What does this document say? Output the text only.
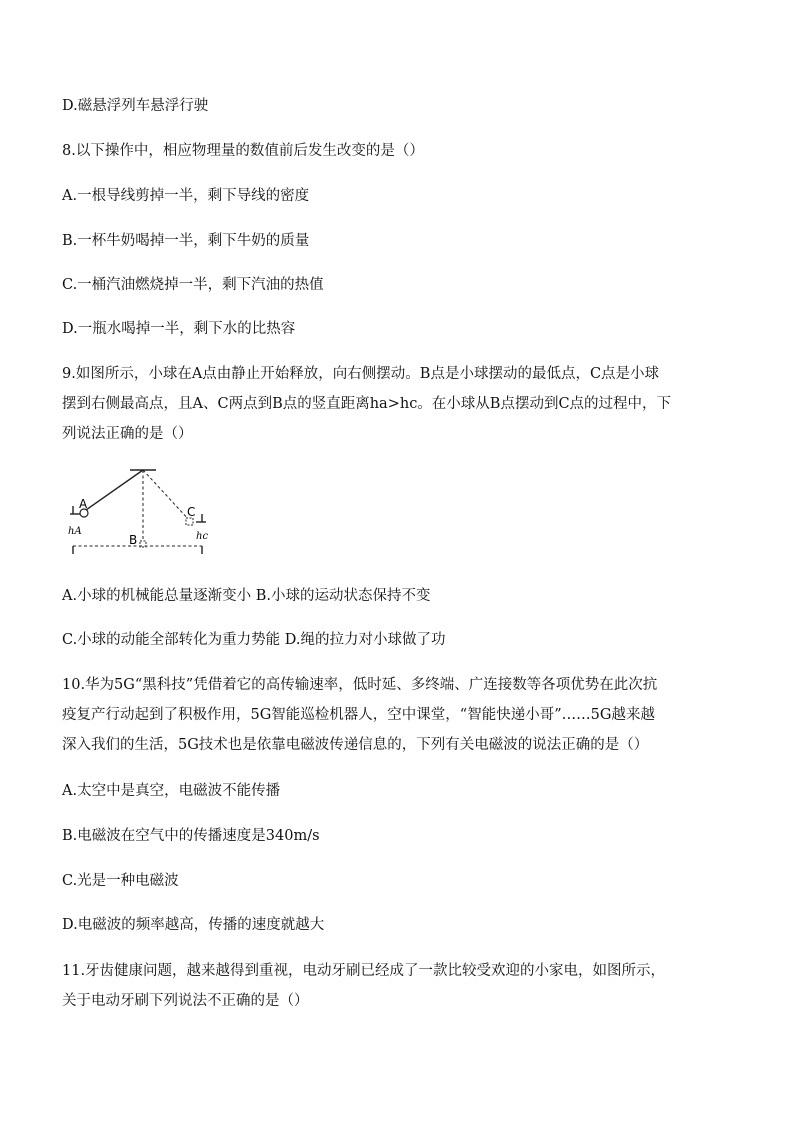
D.磁悬浮列车悬浮行驶
8.以下操作中，相应物理量的数值前后发生改变的是（）
A.一根导线剪掉一半，剩下导线的密度
B.一杯牛奶喝掉一半，剩下牛奶的质量
C.一桶汽油燃烧掉一半，剩下汽油的热值
D.一瓶水喝掉一半，剩下水的比热容
9.如图所示，小球在A点由静止开始释放，向右侧摆动。B点是小球摆动的最低点，C点是小球
摆到右侧最高点，且A、C两点到B点的竖直距离ha>hc。在小球从B点摆动到C点的过程中，下
列说法正确的是（）
A
C
B
hA	hc
A.小球的机械能总量逐渐变小 B.小球的运动状态保持不变
C.小球的动能全部转化为重力势能 D.绳的拉力对小球做了功
10.华为5G“黑科技”凭借着它的高传输速率，低时延、多终端、广连接数等各项优势在此次抗
疫复产行动起到了积极作用，5G智能巡检机器人，空中课堂，“智能快递小哥”……5G越来越
深入我们的生活，5G技术也是依靠电磁波传递信息的，下列有关电磁波的说法正确的是（）
A.太空中是真空，电磁波不能传播
B.电磁波在空气中的传播速度是340m/s
C.光是一种电磁波
D.电磁波的频率越高，传播的速度就越大
11.牙齿健康问题，越来越得到重视，电动牙刷已经成了一款比较受欢迎的小家电，如图所示，
关于电动牙刷下列说法不正确的是（）
